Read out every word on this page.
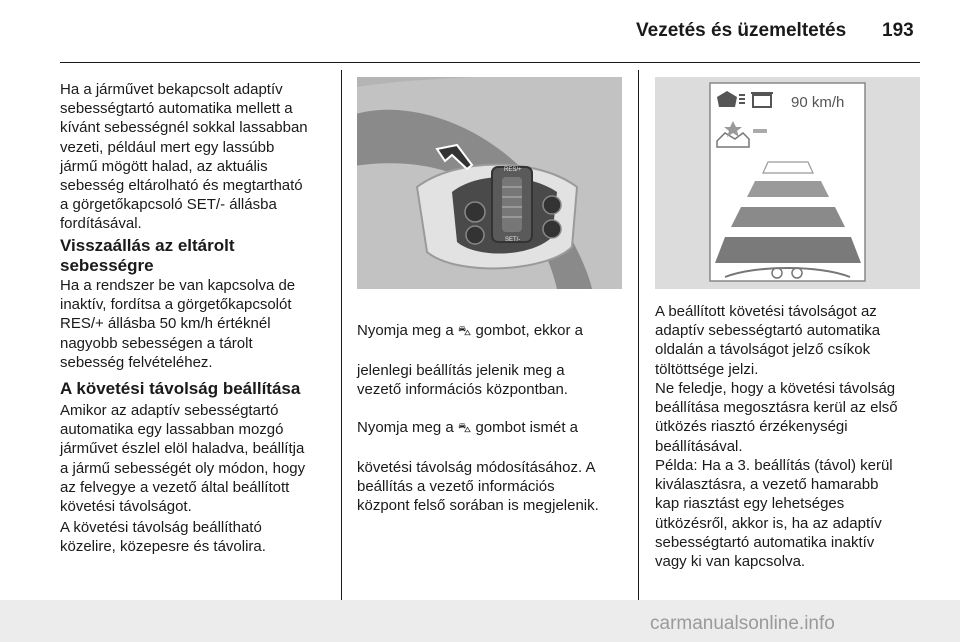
Vezetés és üzemeltetés 193
Ha a járművet bekapcsolt adaptív
sebességtartó automatika mellett a
kívánt sebességnél sokkal lassabban
vezeti, például mert egy lassúbb
jármű mögött halad, az aktuális
sebesség eltárolható és megtartható
a görgetőkapcsoló SET/- állásba
fordításával.
Visszaállás az eltárolt
sebességre
Ha a rendszer be van kapcsolva de
inaktív, fordítsa a görgetőkapcsolót
RES/+ állásba 50 km/h értéknél
nagyobb sebességen a tárolt
sebesség felvételéhez.
A követési távolság beállítása
Amikor az adaptív sebességtartó
automatika egy lassabban mozgó
járművet észlel elöl haladva, beállítja
a jármű sebességét oly módon, hogy
az felvegye a vezető által beállított
követési távolságot.
A követési távolság beállítható
közelire, közepesre és távolira.
RES/+
SET/-

Nyomja meg a ⛍ gombot, ekkor a

jelenlegi beállítás jelenik meg a
vezető információs központban.

Nyomja meg a ⛍ gombot ismét a

követési távolság módosításához. A
beállítás a vezető információs
központ felső sorában is megjelenik.

90 km/h
A beállított követési távolságot az
adaptív sebességtartó automatika
oldalán a távolságot jelző csíkok
töltöttsége jelzi.
Ne feledje, hogy a követési távolság
beállítása megosztásra kerül az első
ütközés riasztó érzékenységi
beállításával.
Példa: Ha a 3. beállítás (távol) kerül
kiválasztásra, a vezető hamarabb
kap riasztást egy lehetséges
ütközésről, akkor is, ha az adaptív
sebességtartó automatika inaktív
vagy ki van kapcsolva.
carmanualsonline.info
